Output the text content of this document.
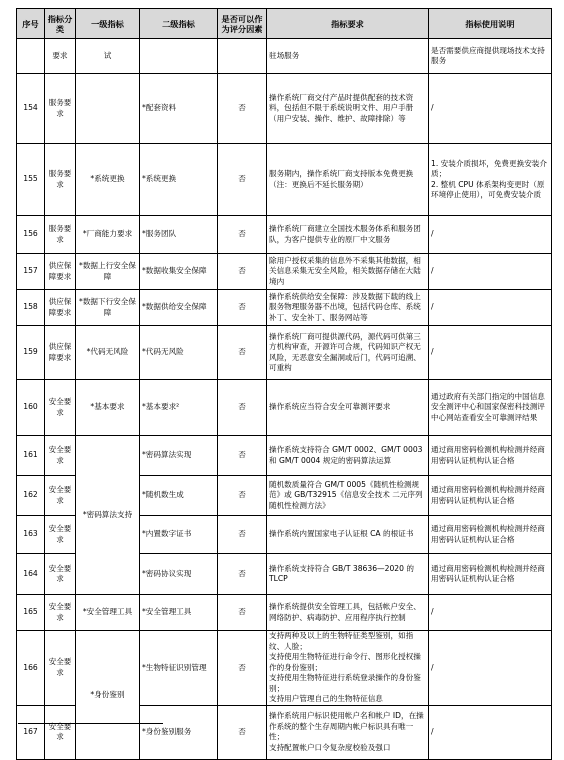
序号	指标分类	一级指标	二级指标	是否可以作为评分因素	指标要求	指标使用说明
	要求	试			驻场服务	是否需要供应商提供现场技术支持服务
154	服务要求		*配套资料	否	操作系统厂商交付产品时提供配套的技术资料，包括但不限于系统说明文件、用户手册（用户安装、操作、维护、故障排除）等	/
155	服务要求	*系统更换	*系统更换	否	服务期内，操作系统厂商支持版本免费更换（注：更换后不延长服务期）	1. 安装介质损坏，免费更换安装介质；
2. 整机 CPU 体系架构变更时（原环境停止使用），可免费安装介质
156	服务要求	*厂商能力要求	*服务团队	否	操作系统厂商建立全国技术服务体系和服务团队，为客户提供专业的原厂中文服务	/
157	供应保障要求	*数据上行安全保障	*数据收集安全保障	否	除用户授权采集的信息外不采集其他数据，相关信息采集无安全风险，相关数据存储在大陆境内	/
158	供应保障要求	*数据下行安全保障	*数据供给安全保障	否	操作系统供给安全保障：涉及数据下载的线上服务物理服务器不出境，包括代码仓库、系统补丁、安全补丁、服务网站等	/
159	供应保障要求	*代码无风险	*代码无风险	否	操作系统厂商可提供源代码，源代码可供第三方机构审查，开源许可合规，代码知识产权无风险，无恶意安全漏洞或后门，代码可追溯、可重构	/
160	安全要求	*基本要求	*基本要求²	否	操作系统应当符合安全可靠测评要求	通过政府有关部门指定的中国信息安全测评中心和国家保密科技测评中心网站查看安全可靠测评结果
161	安全要求	*密码算法支持	*密码算法实现	否	操作系统支持符合 GM/T 0002、GM/T 0003 和 GM/T 0004 规定的密码算法运算	通过商用密码检测机构检测并经商用密码认证机构认证合格
162	安全要求		*随机数生成	否	随机数质量符合 GM/T 0005《随机性检测规范》或 GB/T32915《信息安全技术 二元序列随机性检测方法》	通过商用密码检测机构检测并经商用密码认证机构认证合格
163	安全要求		*内置数字证书	否	操作系统内置国家电子认证根 CA 的根证书	通过商用密码检测机构检测并经商用密码认证机构认证合格
164	安全要求		*密码协议实现	否	操作系统支持符合 GB/T 38636—2020 的 TLCP	通过商用密码检测机构检测并经商用密码认证机构认证合格
165	安全要求	*安全管理工具	*安全管理工具	否	操作系统提供安全管理工具，包括帐户安全、网络防护、病毒防护、应用程序执行控制	/
166	安全要求	*身份鉴别	*生物特征识别管理	否	支持两种及以上的生物特征类型鉴别，如指纹、人脸；
支持使用生物特征进行命令行、图形化授权操作的身份鉴别；
支持使用生物特征进行系统登录操作的身份鉴别；
支持用户管理自己的生物特征信息	/
167	安全要求		*身份鉴别服务	否	操作系统用户标识使用帐户名和帐户 ID，在操作系统的整个生存周期内帐户标识具有唯一性；
支持配置帐户口令复杂度校验及强口	/
